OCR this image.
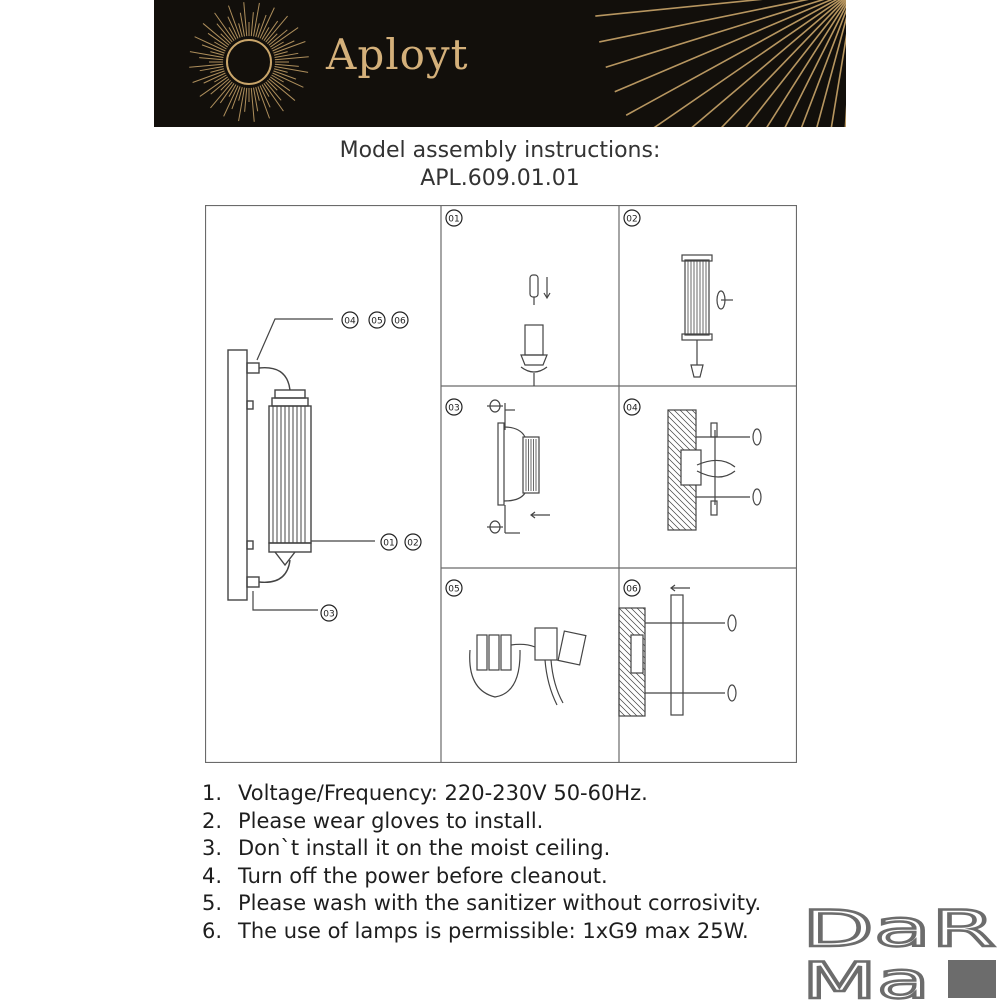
Aployt
Model assembly instructions:
APL.609.01.01
04 05 06
01 02
03
01	02
03	04
05	06
1. Voltage/Frequency: 220-230V 50-60Hz.
2. Please wear gloves to install.
3. Don`t install it on the moist ceiling.
4. Turn off the power before cleanout.
5. Please wash with the sanitizer without corrosivity.
6. The use of lamps is permissible: 1xG9 max 25W. DaR
Ma
